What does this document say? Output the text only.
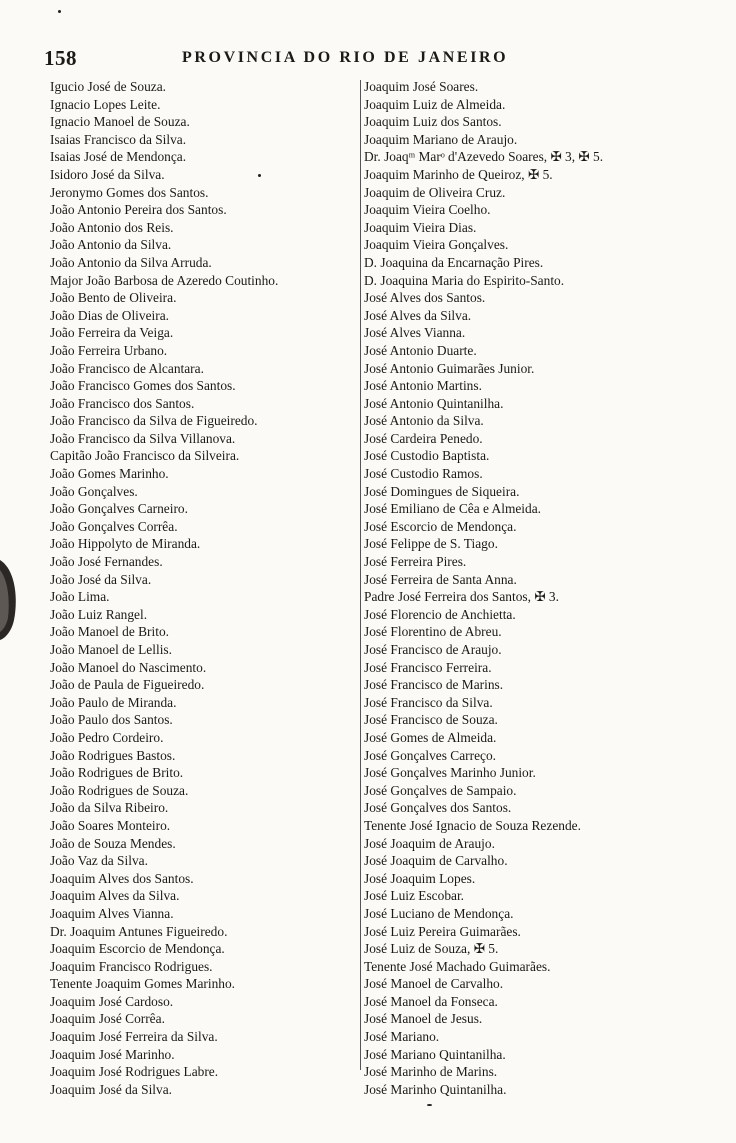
158	PROVINCIA DO RIO DE JANEIRO
Igucio José de Souza.
Ignacio Lopes Leite.
Ignacio Manoel de Souza.
Isaias Francisco da Silva.
Isaias José de Mendonça.
Isidoro José da Silva.
Jeronymo Gomes dos Santos.
João Antonio Pereira dos Santos.
João Antonio dos Reis.
João Antonio da Silva.
João Antonio da Silva Arruda.
Major João Barbosa de Azeredo Coutinho.
João Bento de Oliveira.
João Dias de Oliveira.
João Ferreira da Veiga.
João Ferreira Urbano.
João Francisco de Alcantara.
João Francisco Gomes dos Santos.
João Francisco dos Santos.
João Francisco da Silva de Figueiredo.
João Francisco da Silva Villanova.
Capitão João Francisco da Silveira.
João Gomes Marinho.
João Gonçalves.
João Gonçalves Carneiro.
João Gonçalves Corrêa.
João Hippolyto de Miranda.
João José Fernandes.
João José da Silva.
João Lima.
João Luiz Rangel.
João Manoel de Brito.
João Manoel de Lellis.
João Manoel do Nascimento.
João de Paula de Figueiredo.
João Paulo de Miranda.
João Paulo dos Santos.
João Pedro Cordeiro.
João Rodrigues Bastos.
João Rodrigues de Brito.
João Rodrigues de Souza.
João da Silva Ribeiro.
João Soares Monteiro.
João de Souza Mendes.
João Vaz da Silva.
Joaquim Alves dos Santos.
Joaquim Alves da Silva.
Joaquim Alves Vianna.
Dr. Joaquim Antunes Figueiredo.
Joaquim Escorcio de Mendonça.
Joaquim Francisco Rodrigues.
Tenente Joaquim Gomes Marinho.
Joaquim José Cardoso.
Joaquim José Corrêa.
Joaquim José Ferreira da Silva.
Joaquim José Marinho.
Joaquim José Rodrigues Labre.
Joaquim José da Silva.
Joaquim José Soares.
Joaquim Luiz de Almeida.
Joaquim Luiz dos Santos.
Joaquim Mariano de Araujo.
Dr. Joaqᵐ Marᵒ d'Azevedo Soares, ✠ 3, ✠ 5.
Joaquim Marinho de Queiroz, ✠ 5.
Joaquim de Oliveira Cruz.
Joaquim Vieira Coelho.
Joaquim Vieira Dias.
Joaquim Vieira Gonçalves.
D. Joaquina da Encarnação Pires.
D. Joaquina Maria do Espirito-Santo.
José Alves dos Santos.
José Alves da Silva.
José Alves Vianna.
José Antonio Duarte.
José Antonio Guimarães Junior.
José Antonio Martins.
José Antonio Quintanilha.
José Antonio da Silva.
José Cardeira Penedo.
José Custodio Baptista.
José Custodio Ramos.
José Domingues de Siqueira.
José Emiliano de Cêa e Almeida.
José Escorcio de Mendonça.
José Felippe de S. Tiago.
José Ferreira Pires.
José Ferreira de Santa Anna.
Padre José Ferreira dos Santos, ✠ 3.
José Florencio de Anchietta.
José Florentino de Abreu.
José Francisco de Araujo.
José Francisco Ferreira.
José Francisco de Marins.
José Francisco da Silva.
José Francisco de Souza.
José Gomes de Almeida.
José Gonçalves Carreço.
José Gonçalves Marinho Junior.
José Gonçalves de Sampaio.
José Gonçalves dos Santos.
Tenente José Ignacio de Souza Rezende.
José Joaquim de Araujo.
José Joaquim de Carvalho.
José Joaquim Lopes.
José Luiz Escobar.
José Luciano de Mendonça.
José Luiz Pereira Guimarães.
José Luiz de Souza, ✠ 5.
Tenente José Machado Guimarães.
José Manoel de Carvalho.
José Manoel da Fonseca.
José Manoel de Jesus.
José Mariano.
José Mariano Quintanilha.
José Marinho de Marins.
José Marinho Quintanilha.
